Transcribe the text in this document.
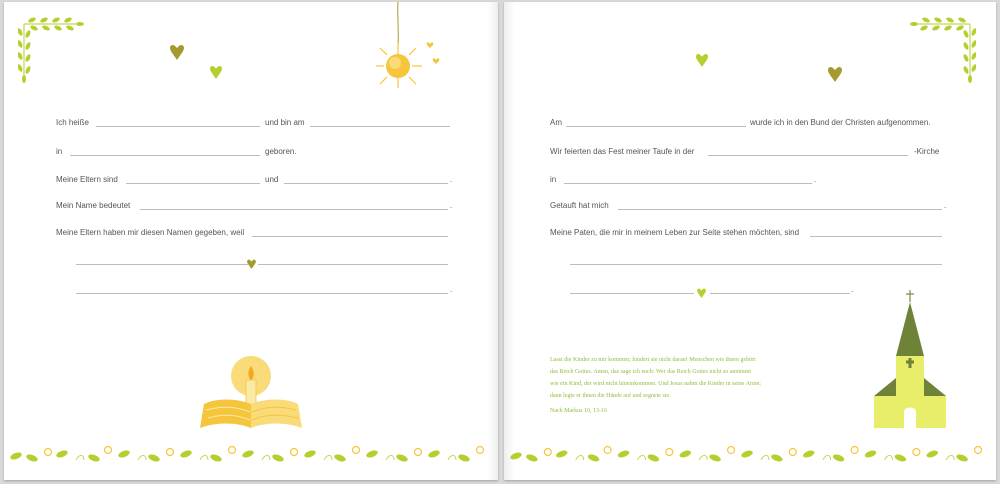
Ich heiße	und bin am
in	geboren.
Meine Eltern sind	und	.
Mein Name bedeutet	.
Meine Eltern haben mir diesen Namen gegeben, weil
.
Am	wurde ich in den Bund der Christen aufgenommen.
Wir feierten das Fest meiner Taufe in der	-Kirche
in	.
Getauft hat mich	.
Meine Paten, die mir in meinem Leben zur Seite stehen möchten, sind
.
Lasst die Kinder zu mir kommen; hindert sie nicht daran! Menschen wie ihnen gehört
das Reich Gottes. Amen, das sage ich euch: Wer das Reich Gottes nicht so annimmt
wie ein Kind, der wird nicht hineinkommen. Und Jesus nahm die Kinder in seine Arme;
dann legte er ihnen die Hände auf und segnete sie.
Nach Markus 10, 13-16
